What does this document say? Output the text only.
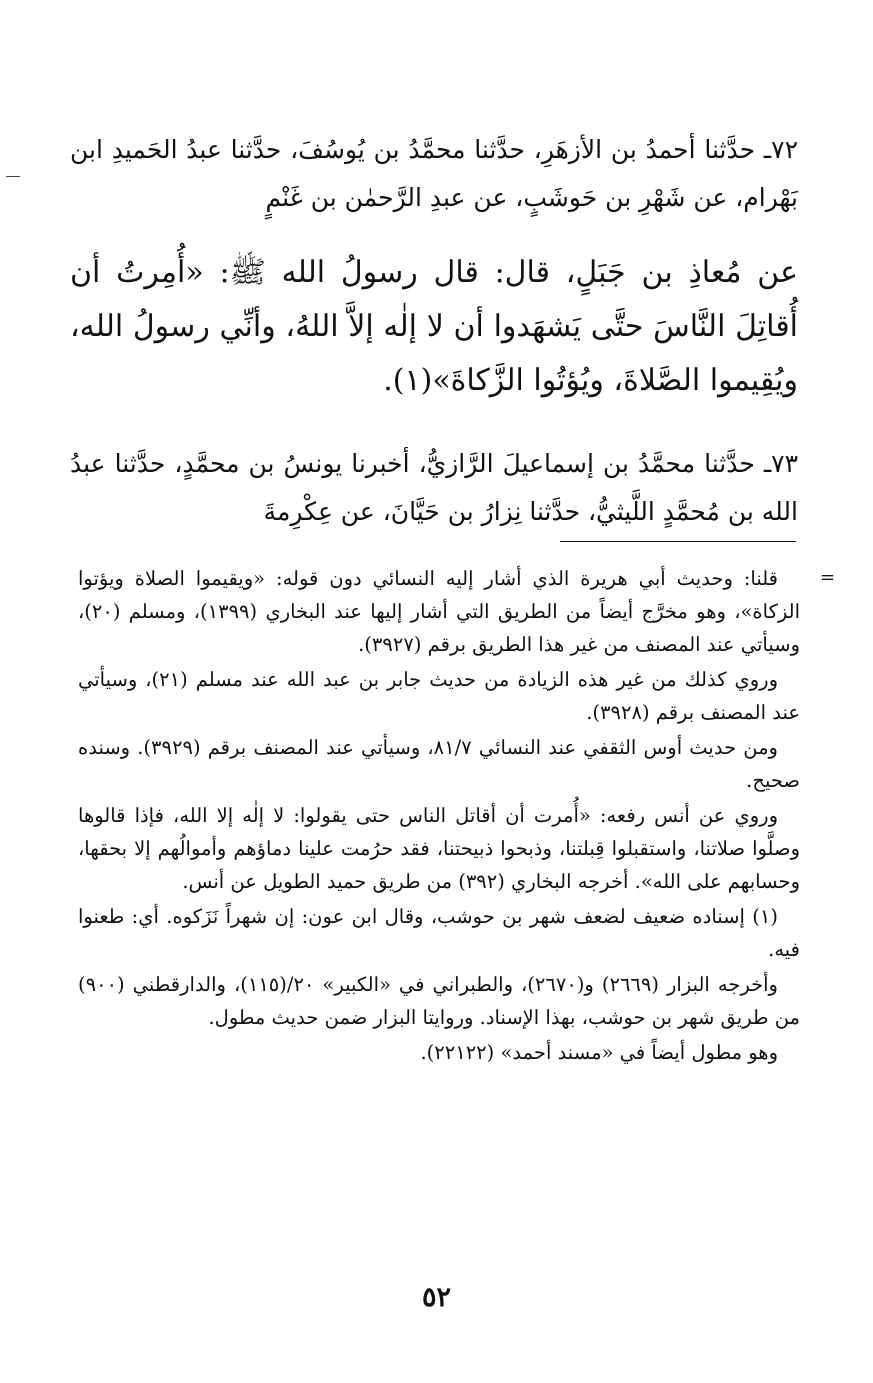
٧٢ـ حدَّثنا أحمدُ بن الأزهَرِ، حدَّثنا محمَّدُ بن يُوسُفَ، حدَّثنا عبدُ الحَميدِ ابن بَهْرام، عن شَهْرِ بن حَوشَبٍ، عن عبدِ الرَّحمٰن بن غَنْمٍ

عن مُعاذِ بن جَبَلٍ، قال: قال رسولُ الله ﷺ: «أُمِرتُ أن أُقاتِلَ النَّاسَ حتَّى يَشهَدوا أن لا إلٰه إلاَّ اللهُ، وأنِّي رسولُ الله، ويُقِيموا الصَّلاةَ، ويُؤتُوا الزَّكاةَ»(١).

٧٣ـ حدَّثنا محمَّدُ بن إسماعيلَ الرَّازيُّ، أخبرنا يونسُ بن محمَّدٍ، حدَّثنا عبدُ الله بن مُحمَّدٍ اللَّيثيُّ، حدَّثنا نِزارُ بن حَيَّانَ، عن عِكْرِمةَ

=

قلنا: وحديث أبي هريرة الذي أشار إليه النسائي دون قوله: «ويقيموا الصلاة ويؤتوا الزكاة»، وهو مخرَّج أيضاً من الطريق التي أشار إليها عند البخاري (١٣٩٩)، ومسلم (٢٠)، وسيأتي عند المصنف من غير هذا الطريق برقم (٣٩٢٧).

وروي كذلك من غير هذه الزيادة من حديث جابر بن عبد الله عند مسلم (٢١)، وسيأتي عند المصنف برقم (٣٩٢٨).

ومن حديث أوس الثقفي عند النسائي ٧/‏٨١، وسيأتي عند المصنف برقم (٣٩٢٩). وسنده صحيح.

وروي عن أنس رفعه: «أُمرت أن أقاتل الناس حتى يقولوا: لا إلٰه إلا الله، فإذا قالوها وصلَّوا صلاتنا، واستقبلوا قِبلتنا، وذبحوا ذبيحتنا، فقد حرُمت علينا دماؤهم وأموالُهم إلا بحقها، وحسابهم على الله». أخرجه البخاري (٣٩٢) من طريق حميد الطويل عن أنس.

(١) إسناده ضعيف لضعف شهر بن حوشب، وقال ابن عون: إن شهراً نَزَكوه. أي: طعنوا فيه.

وأخرجه البزار (٢٦٦٩) و(٢٦٧٠)، والطبراني في «الكبير» ٢٠/‏(١١٥)، والدارقطني (٩٠٠) من طريق شهر بن حوشب، بهذا الإسناد. وروايتا البزار ضمن حديث مطول.

وهو مطول أيضاً في «مسند أحمد» (٢٢١٢٢).

٥٢
